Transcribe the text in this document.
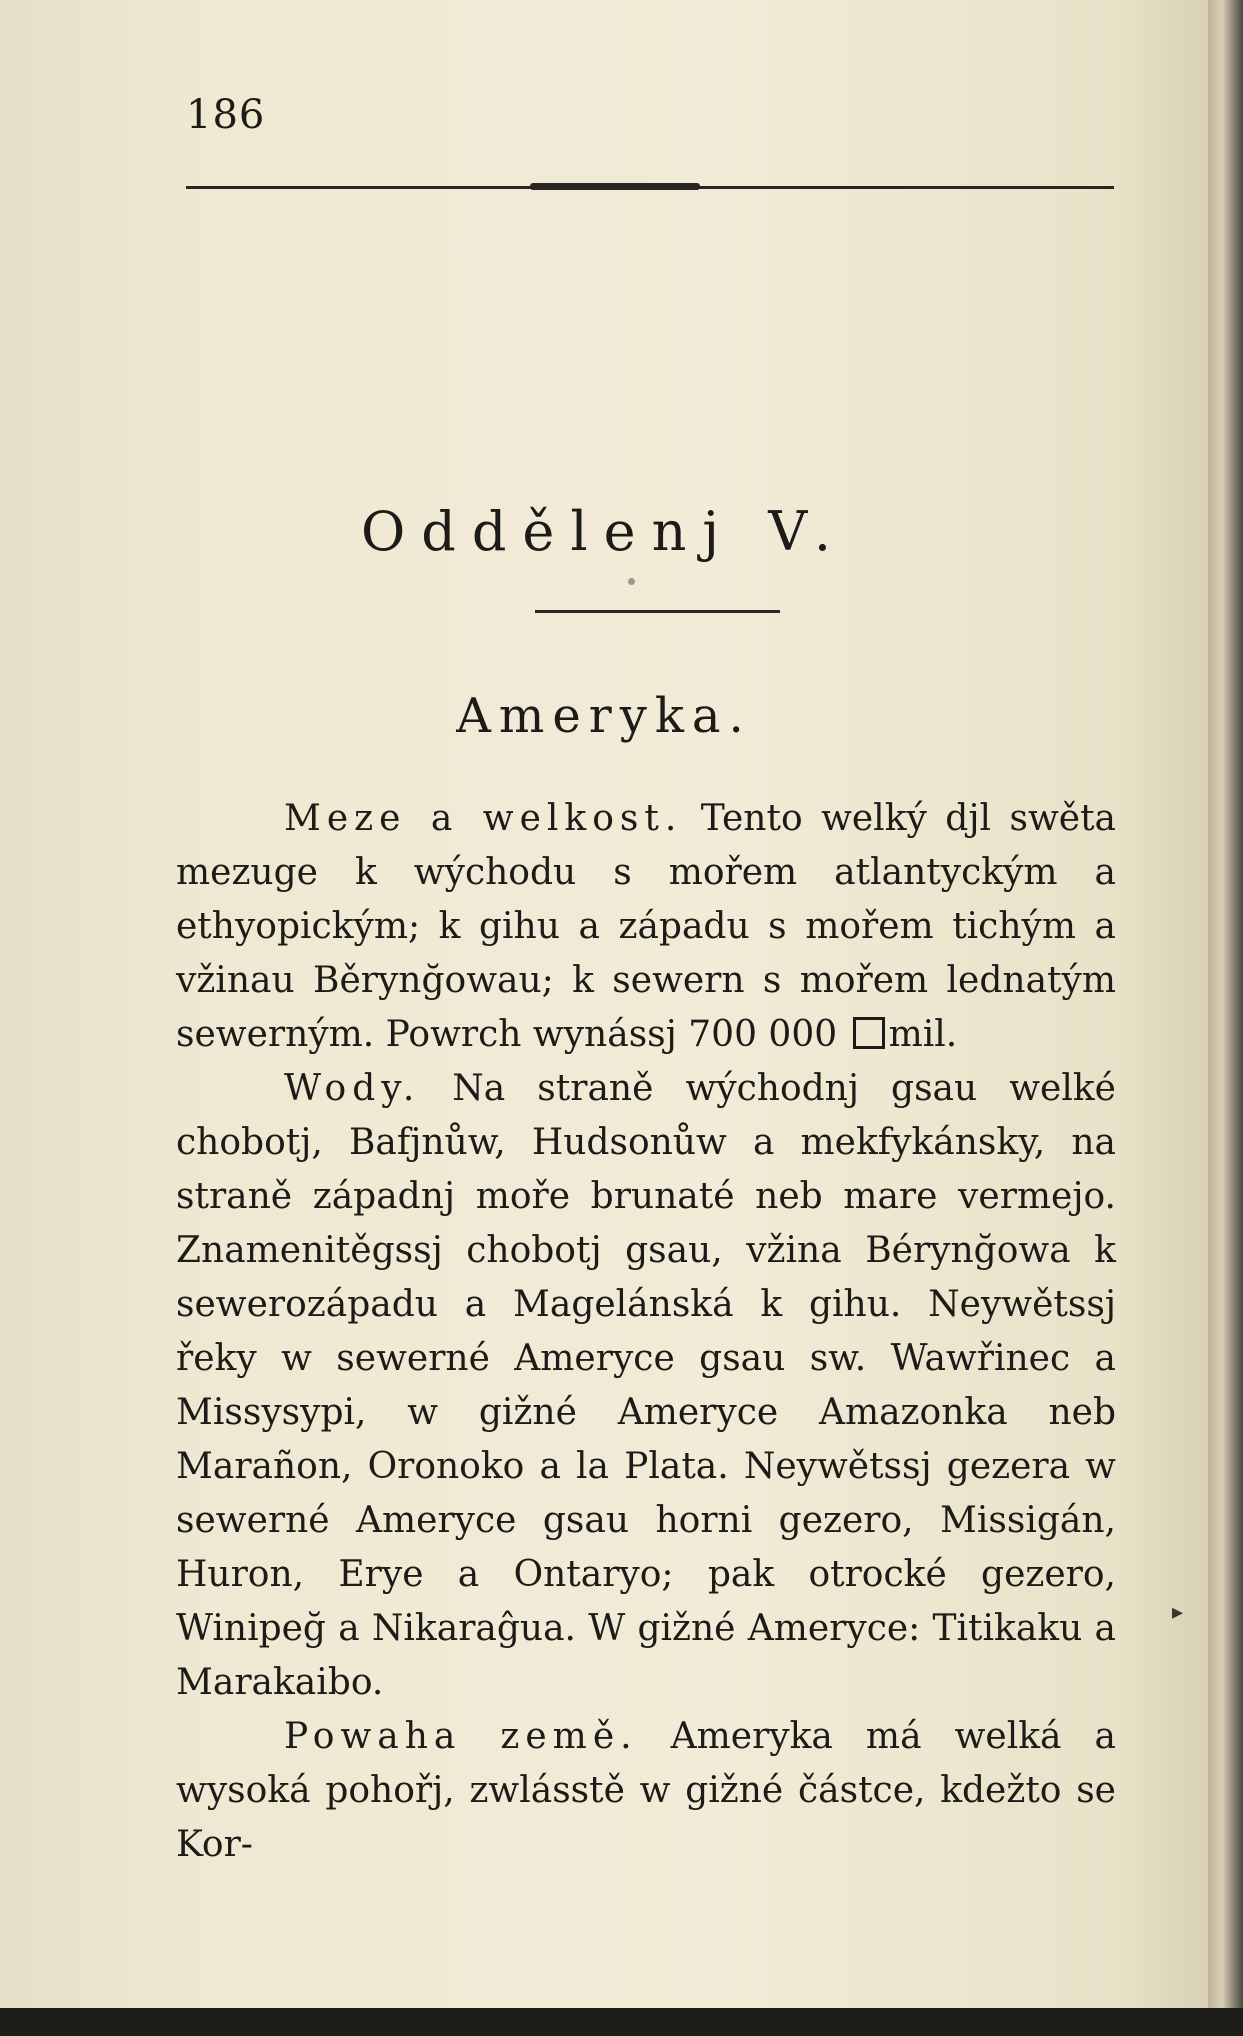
186
Oddělenj V.
Ameryka.

Meze a welkost. Tento welký djl swěta mezuge k wýchodu s mořem atlantyckým a ethyopickým; k gihu a západu s mořem tichým a vžinau Běrynğowau; k sewern s mořem lednatým sewerným. Powrch wynássj 700 000 mil.

Wody. Na straně wýchodnj gsau welké chobotj, Bafjnůw, Hudsonůw a mekfykánsky, na straně západnj moře brunaté neb mare vermejo. Znamenitěgssj chobotj gsau, vžina Bérynğowa k sewerozápadu a Magelánská k gihu. Neywětssj řeky w sewerné Ameryce gsau sw. Wawřinec a Missysypi, w gižné Ameryce Amazonka neb Marañon, Oronoko a la Plata. Neywětssj gezera w sewerné Ameryce gsau horni gezero, Missigán, Huron, Erye a Ontaryo; pak otrocké gezero, Winipeğ a Nikaraĝua. W gižné Ameryce: Titikaku a Marakaibo.

Powaha země. Ameryka má welká a wysoká pohořj, zwlásstě w gižné částce, kdežto se Kor-

▸
